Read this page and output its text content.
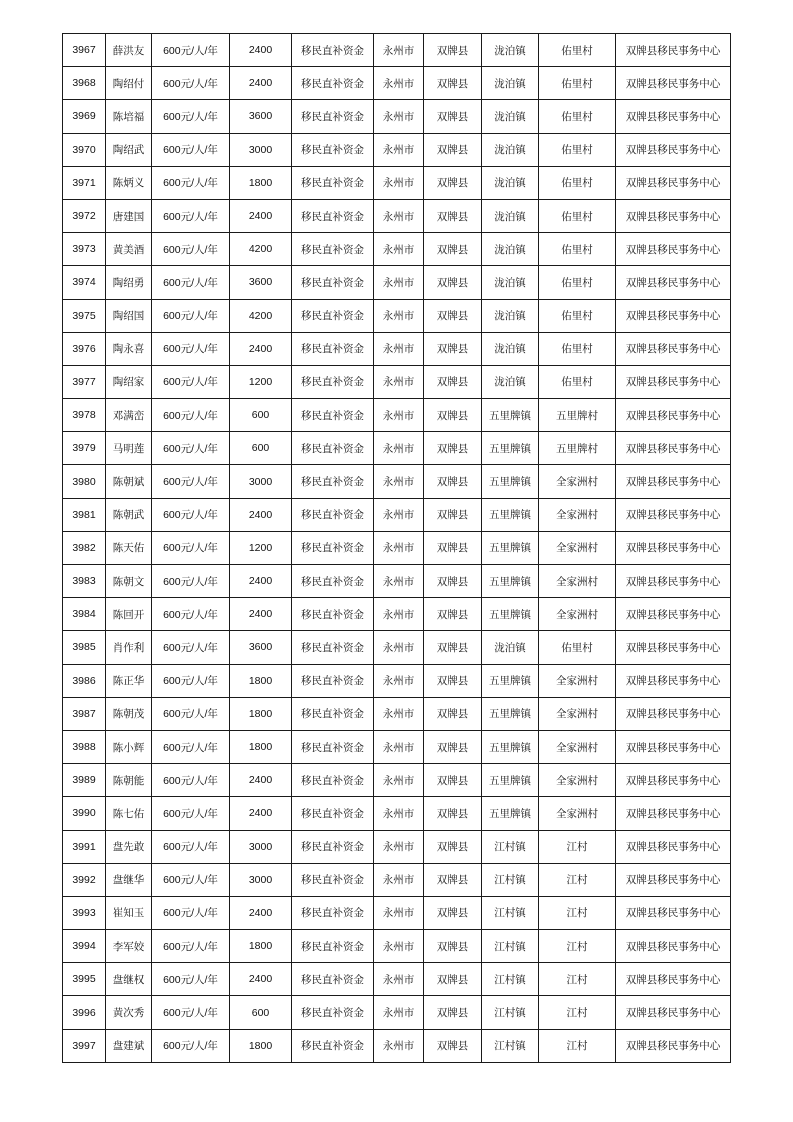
3967	薛洪友	600元/人/年	2400	移民直补资金	永州市	双牌县	泷泊镇	佑里村	双牌县移民事务中心
3968	陶绍付	600元/人/年	2400	移民直补资金	永州市	双牌县	泷泊镇	佑里村	双牌县移民事务中心
3969	陈培福	600元/人/年	3600	移民直补资金	永州市	双牌县	泷泊镇	佑里村	双牌县移民事务中心
3970	陶绍武	600元/人/年	3000	移民直补资金	永州市	双牌县	泷泊镇	佑里村	双牌县移民事务中心
3971	陈炳义	600元/人/年	1800	移民直补资金	永州市	双牌县	泷泊镇	佑里村	双牌县移民事务中心
3972	唐建国	600元/人/年	2400	移民直补资金	永州市	双牌县	泷泊镇	佑里村	双牌县移民事务中心
3973	黄美酒	600元/人/年	4200	移民直补资金	永州市	双牌县	泷泊镇	佑里村	双牌县移民事务中心
3974	陶绍勇	600元/人/年	3600	移民直补资金	永州市	双牌县	泷泊镇	佑里村	双牌县移民事务中心
3975	陶绍国	600元/人/年	4200	移民直补资金	永州市	双牌县	泷泊镇	佑里村	双牌县移民事务中心
3976	陶永喜	600元/人/年	2400	移民直补资金	永州市	双牌县	泷泊镇	佑里村	双牌县移民事务中心
3977	陶绍家	600元/人/年	1200	移民直补资金	永州市	双牌县	泷泊镇	佑里村	双牌县移民事务中心
3978	邓满峦	600元/人/年	600	移民直补资金	永州市	双牌县	五里牌镇	五里牌村	双牌县移民事务中心
3979	马明莲	600元/人/年	600	移民直补资金	永州市	双牌县	五里牌镇	五里牌村	双牌县移民事务中心
3980	陈朝斌	600元/人/年	3000	移民直补资金	永州市	双牌县	五里牌镇	全家洲村	双牌县移民事务中心
3981	陈朝武	600元/人/年	2400	移民直补资金	永州市	双牌县	五里牌镇	全家洲村	双牌县移民事务中心
3982	陈天佑	600元/人/年	1200	移民直补资金	永州市	双牌县	五里牌镇	全家洲村	双牌县移民事务中心
3983	陈朝文	600元/人/年	2400	移民直补资金	永州市	双牌县	五里牌镇	全家洲村	双牌县移民事务中心
3984	陈回开	600元/人/年	2400	移民直补资金	永州市	双牌县	五里牌镇	全家洲村	双牌县移民事务中心
3985	肖作利	600元/人/年	3600	移民直补资金	永州市	双牌县	泷泊镇	佑里村	双牌县移民事务中心
3986	陈正华	600元/人/年	1800	移民直补资金	永州市	双牌县	五里牌镇	全家洲村	双牌县移民事务中心
3987	陈朝茂	600元/人/年	1800	移民直补资金	永州市	双牌县	五里牌镇	全家洲村	双牌县移民事务中心
3988	陈小辉	600元/人/年	1800	移民直补资金	永州市	双牌县	五里牌镇	全家洲村	双牌县移民事务中心
3989	陈朝能	600元/人/年	2400	移民直补资金	永州市	双牌县	五里牌镇	全家洲村	双牌县移民事务中心
3990	陈七佑	600元/人/年	2400	移民直补资金	永州市	双牌县	五里牌镇	全家洲村	双牌县移民事务中心
3991	盘先敢	600元/人/年	3000	移民直补资金	永州市	双牌县	江村镇	江村	双牌县移民事务中心
3992	盘继华	600元/人/年	3000	移民直补资金	永州市	双牌县	江村镇	江村	双牌县移民事务中心
3993	崔知玉	600元/人/年	2400	移民直补资金	永州市	双牌县	江村镇	江村	双牌县移民事务中心
3994	李军姣	600元/人/年	1800	移民直补资金	永州市	双牌县	江村镇	江村	双牌县移民事务中心
3995	盘继权	600元/人/年	2400	移民直补资金	永州市	双牌县	江村镇	江村	双牌县移民事务中心
3996	黄次秀	600元/人/年	600	移民直补资金	永州市	双牌县	江村镇	江村	双牌县移民事务中心
3997	盘建斌	600元/人/年	1800	移民直补资金	永州市	双牌县	江村镇	江村	双牌县移民事务中心
